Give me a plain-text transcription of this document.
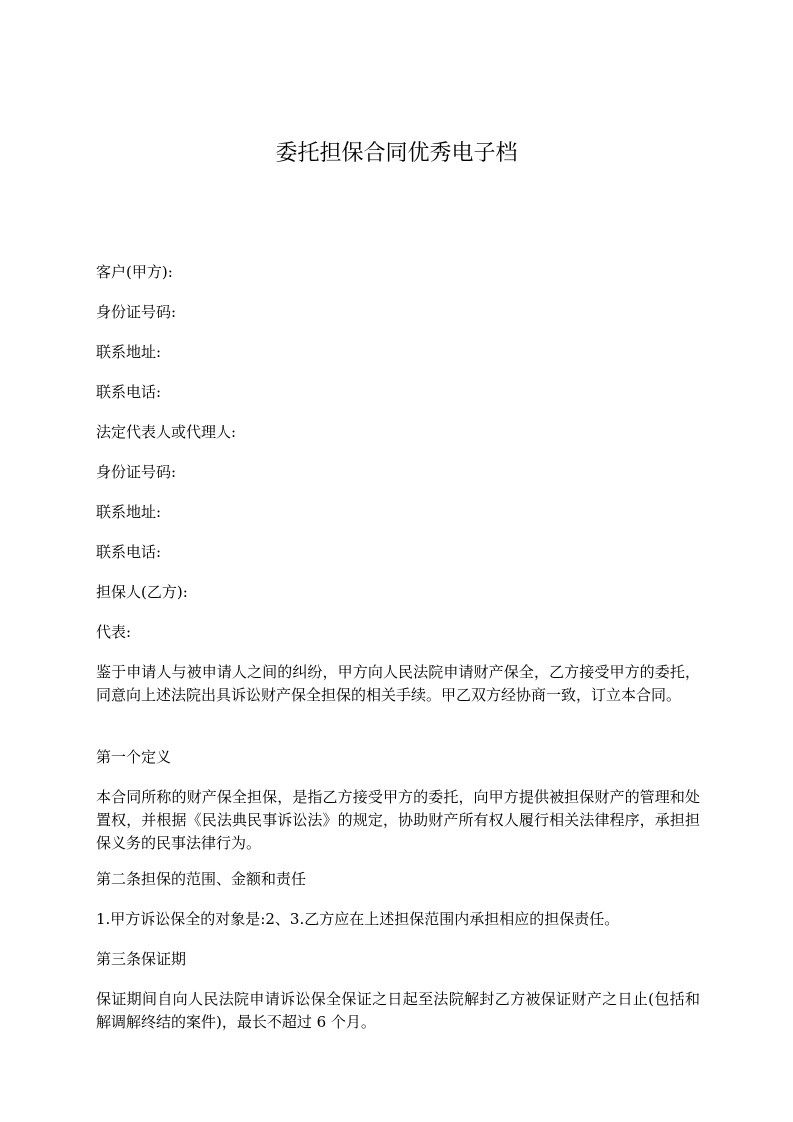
委托担保合同优秀电子档

客户(甲方):

身份证号码:

联系地址:

联系电话:

法定代表人或代理人:

身份证号码:

联系地址:

联系电话:

担保人(乙方):

代表:

鉴于申请人与被申请人之间的纠纷，甲方向人民法院申请财产保全，乙方接受甲方的委托，同意向上述法院出具诉讼财产保全担保的相关手续。甲乙双方经协商一致，订立本合同。

第一个定义

本合同所称的财产保全担保，是指乙方接受甲方的委托，向甲方提供被担保财产的管理和处置权，并根据《民法典民事诉讼法》的规定，协助财产所有权人履行相关法律程序，承担担保义务的民事法律行为。

第二条担保的范围、金额和责任

1.甲方诉讼保全的对象是:2、3.乙方应在上述担保范围内承担相应的担保责任。

第三条保证期

保证期间自向人民法院申请诉讼保全保证之日起至法院解封乙方被保证财产之日止(包括和解调解终结的案件)，最长不超过 6 个月。
